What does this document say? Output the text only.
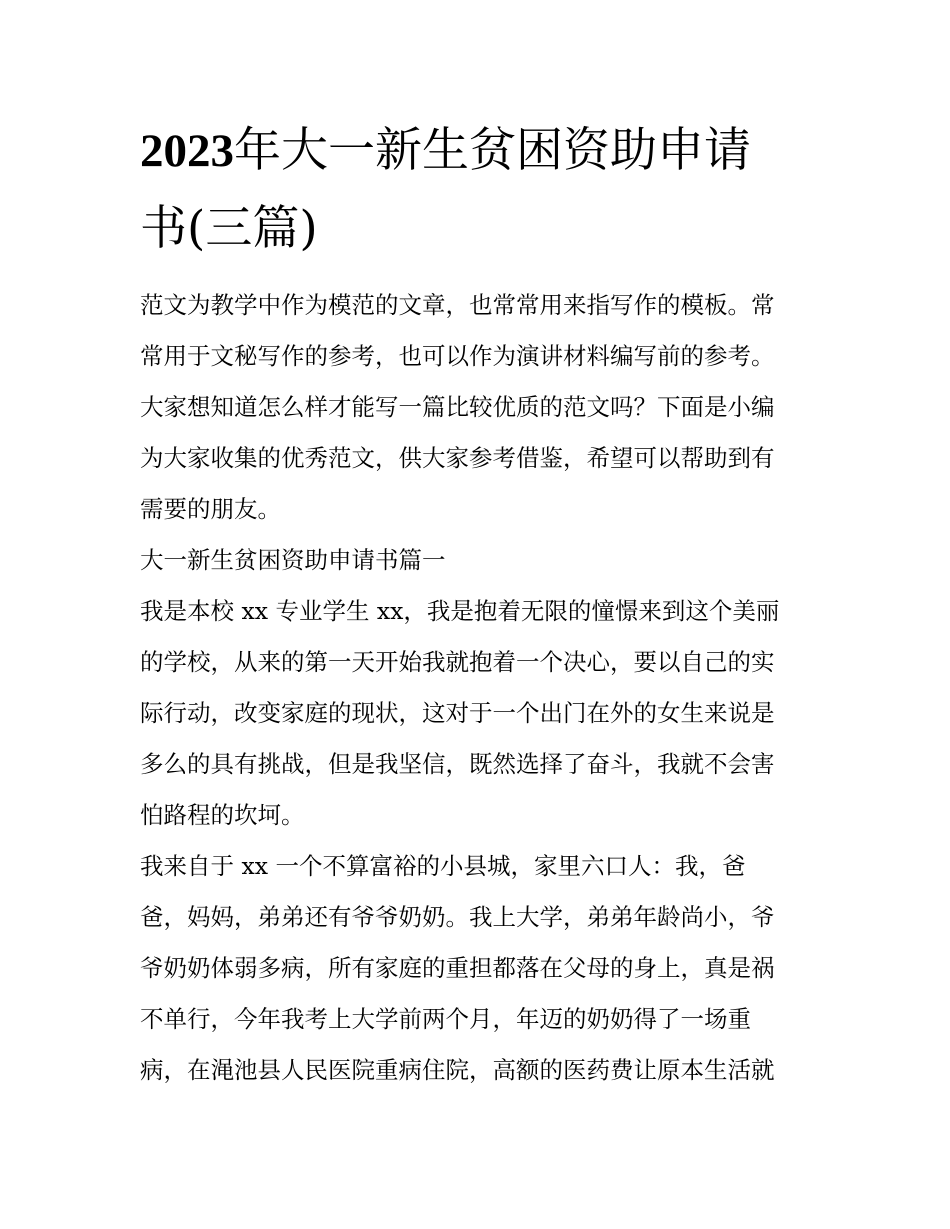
2023年大一新生贫困资助申请
书(三篇)
范文为教学中作为模范的文章，也常常用来指写作的模板。常
常用于文秘写作的参考，也可以作为演讲材料编写前的参考。
大家想知道怎么样才能写一篇比较优质的范文吗？下面是小编
为大家收集的优秀范文，供大家参考借鉴，希望可以帮助到有
需要的朋友。
大一新生贫困资助申请书篇一
我是本校 xx 专业学生 xx，我是抱着无限的憧憬来到这个美丽
的学校，从来的第一天开始我就抱着一个决心，要以自己的实
际行动，改变家庭的现状，这对于一个出门在外的女生来说是
多么的具有挑战，但是我坚信，既然选择了奋斗，我就不会害
怕路程的坎坷。
我来自于 xx 一个不算富裕的小县城，家里六口人：我，爸
爸，妈妈，弟弟还有爷爷奶奶。我上大学，弟弟年龄尚小，爷
爷奶奶体弱多病，所有家庭的重担都落在父母的身上，真是祸
不单行，今年我考上大学前两个月，年迈的奶奶得了一场重
病，在渑池县人民医院重病住院，高额的医药费让原本生活就
